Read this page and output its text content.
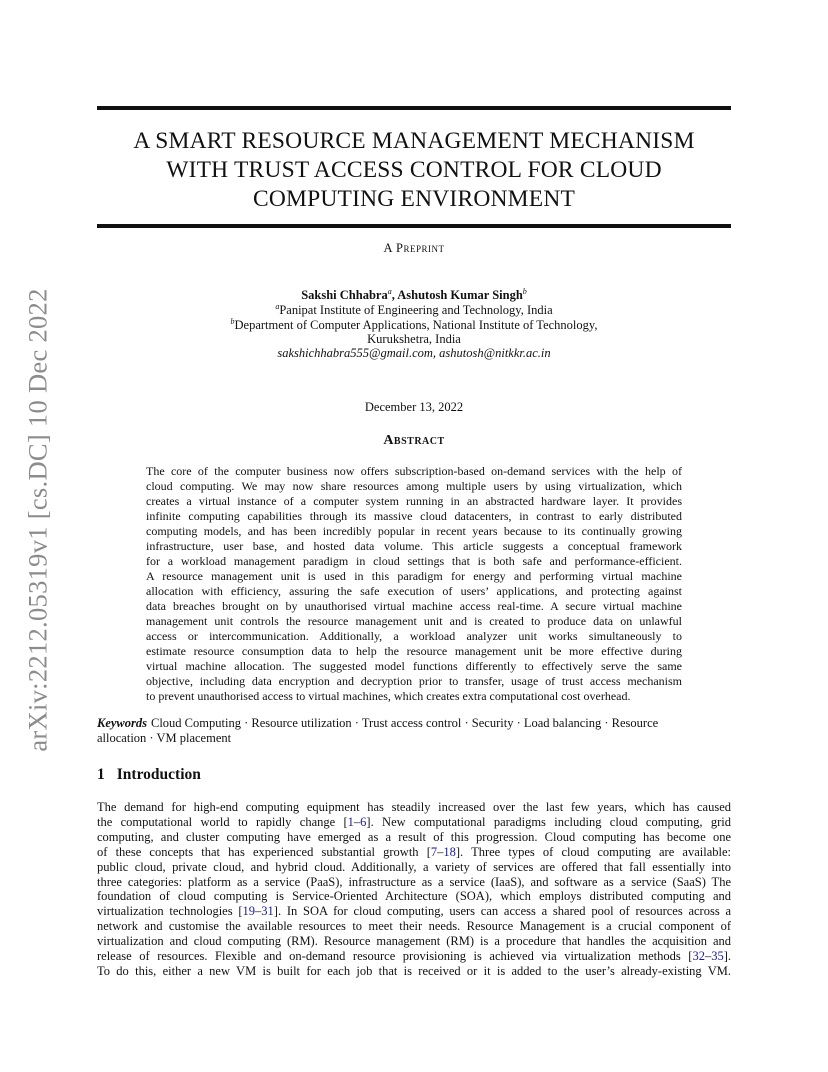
arXiv:2212.05319v1 [cs.DC] 10 Dec 2022
A SMART RESOURCE MANAGEMENT MECHANISM
WITH TRUST ACCESS CONTROL FOR CLOUD
COMPUTING ENVIRONMENT
A Preprint
Sakshi Chhabra$^a$, Ashutosh Kumar Singh$^b$
$^a$Panipat Institute of Engineering and Technology, India
$^b$Department of Computer Applications, National Institute of Technology,
Kurukshetra, India
sakshichhabra555@gmail.com, ashutosh@nitkkr.ac.in
December 13, 2022
Abstract
The core of the computer business now offers subscription-based on-demand services with the help of
cloud computing. We may now share resources among multiple users by using virtualization, which
creates a virtual instance of a computer system running in an abstracted hardware layer. It provides
infinite computing capabilities through its massive cloud datacenters, in contrast to early distributed
computing models, and has been incredibly popular in recent years because to its continually growing
infrastructure, user base, and hosted data volume. This article suggests a conceptual framework
for a workload management paradigm in cloud settings that is both safe and performance-efficient.
A resource management unit is used in this paradigm for energy and performing virtual machine
allocation with efficiency, assuring the safe execution of users’ applications, and protecting against
data breaches brought on by unauthorised virtual machine access real-time. A secure virtual machine
management unit controls the resource management unit and is created to produce data on unlawful
access or intercommunication. Additionally, a workload analyzer unit works simultaneously to
estimate resource consumption data to help the resource management unit be more effective during
virtual machine allocation. The suggested model functions differently to effectively serve the same
objective, including data encryption and decryption prior to transfer, usage of trust access mechanism
to prevent unauthorised access to virtual machines, which creates extra computational cost overhead.
Keywords Cloud Computing · Resource utilization · Trust access control · Security · Load balancing · Resource
allocation · VM placement
1 Introduction
The demand for high-end computing equipment has steadily increased over the last few years, which has caused
the computational world to rapidly change [1–6]. New computational paradigms including cloud computing, grid
computing, and cluster computing have emerged as a result of this progression. Cloud computing has become one
of these concepts that has experienced substantial growth [7–18]. Three types of cloud computing are available:
public cloud, private cloud, and hybrid cloud. Additionally, a variety of services are offered that fall essentially into
three categories: platform as a service (PaaS), infrastructure as a service (IaaS), and software as a service (SaaS) The
foundation of cloud computing is Service-Oriented Architecture (SOA), which employs distributed computing and
virtualization technologies [19–31]. In SOA for cloud computing, users can access a shared pool of resources across a
network and customise the available resources to meet their needs. Resource Management is a crucial component of
virtualization and cloud computing (RM). Resource management (RM) is a procedure that handles the acquisition and
release of resources. Flexible and on-demand resource provisioning is achieved via virtualization methods [32–35].
To do this, either a new VM is built for each job that is received or it is added to the user’s already-existing VM.
